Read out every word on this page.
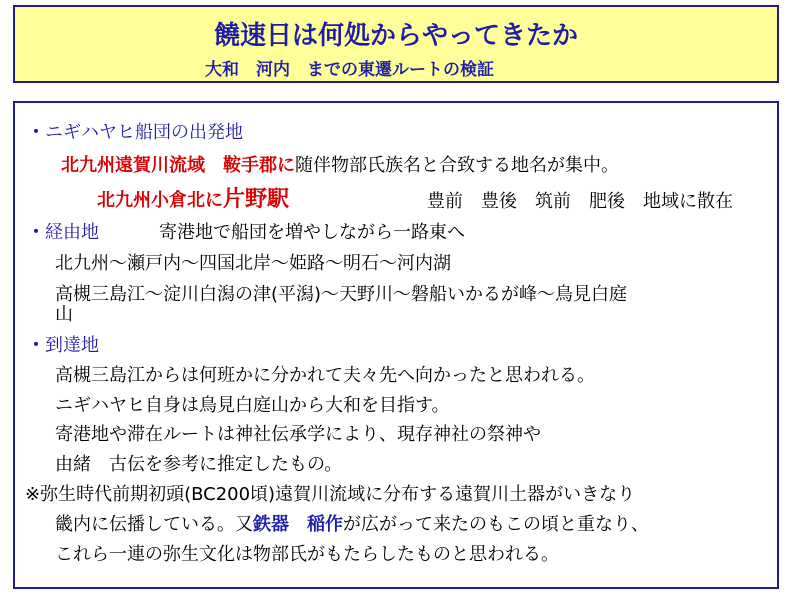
饒速日は何処からやってきたか
大和　河内　までの東遷ルートの検証
・ニギハヤヒ船団の出発地
北九州遠賀川流域　鞍手郡に随伴物部氏族名と合致する地名が集中。
北九州小倉北に片野駅	豊前　豊後　筑前　肥後　地域に散在
・経由地	寄港地で船団を増やしながら一路東へ
北九州～瀬戸内～四国北岸～姫路～明石～河内湖
高槻三島江～淀川白潟の津(平潟)～天野川～磐船いかるが峰～鳥見白庭
山
・到達地
高槻三島江からは何班かに分かれて夫々先へ向かったと思われる。
ニギハヤヒ自身は鳥見白庭山から大和を目指す。
寄港地や滞在ルートは神社伝承学により、現存神社の祭神や
由緒　古伝を参考に推定したもの。
※弥生時代前期初頭(BC200頃)遠賀川流域に分布する遠賀川土器がいきなり
畿内に伝播している。又鉄器　 稲作が広がって来たのもこの頃と重なり、
これら一連の弥生文化は物部氏がもたらしたものと思われる。
